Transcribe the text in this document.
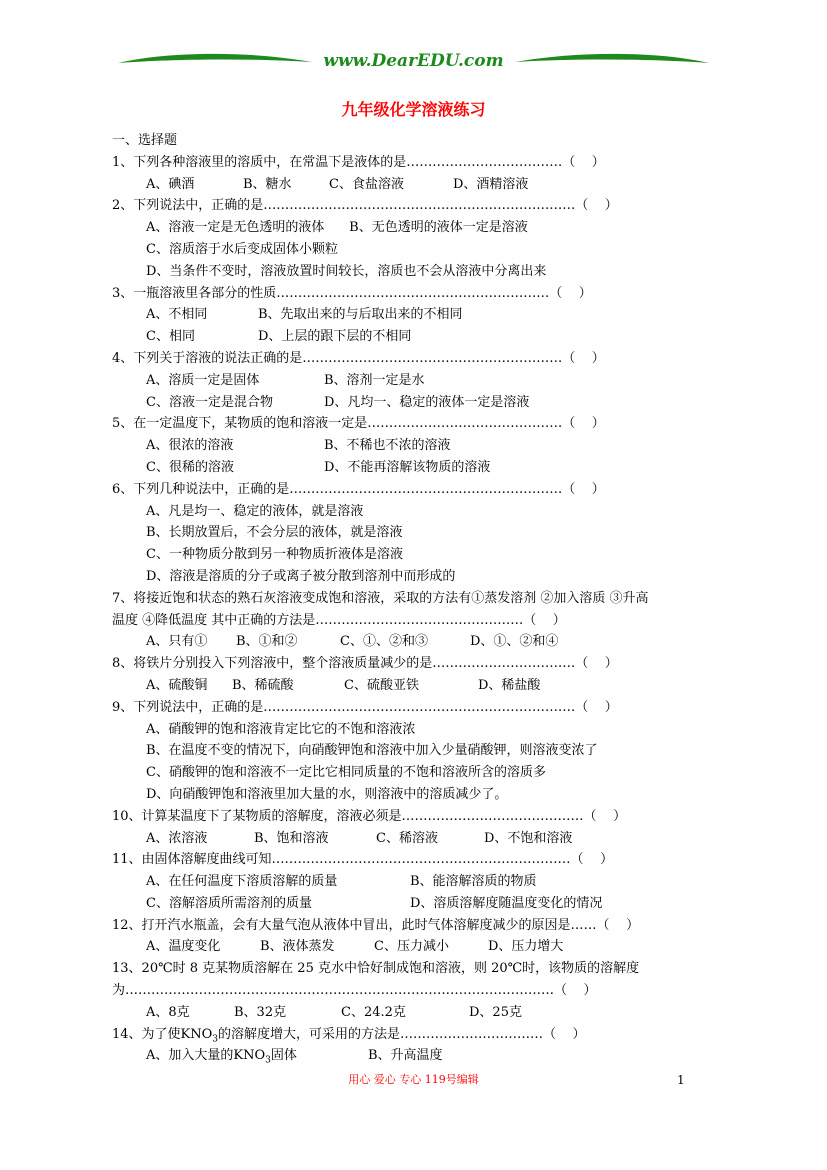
www.DearEDU.com
九年级化学溶液练习
一、选择题
1、下列各种溶液里的溶质中，在常温下是液体的是………………………………（    ）
A、碘酒	B、糖水	C、食盐溶液	D、酒精溶液
2、下列说法中，正确的是………………………………………………………………（    ）
A、溶液一定是无色透明的液体      B、无色透明的液体一定是溶液
C、溶质溶于水后变成固体小颗粒
D、当条件不变时，溶液放置时间较长，溶质也不会从溶液中分离出来
3、一瓶溶液里各部分的性质………………………………………………………（    ）
A、不相同	B、先取出来的与后取出来的不相同
C、相同	D、上层的跟下层的不相同
4、下列关于溶液的说法正确的是……………………………………………………（    ）
A、溶质一定是固体	B、溶剂一定是水
C、溶液一定是混合物	D、凡均一、稳定的液体一定是溶液
5、在一定温度下，某物质的饱和溶液一定是………………………………………（    ）
A、很浓的溶液	B、不稀也不浓的溶液
C、很稀的溶液	D、不能再溶解该物质的溶液
6、下列几种说法中，正确的是………………………………………………………（    ）
A、凡是均一、稳定的液体，就是溶液
B、长期放置后，不会分层的液体，就是溶液
C、一种物质分散到另一种物质折液体是溶液
D、溶液是溶质的分子或离子被分散到溶剂中而形成的
7、将接近饱和状态的熟石灰溶液变成饱和溶液，采取的方法有①蒸发溶剂 ②加入溶质 ③升高
温度 ④降低温度 其中正确的方法是…………………………………………（    ）
A、只有①	B、①和②	C、①、②和③	D、①、②和④
8、将铁片分别投入下列溶液中，整个溶液质量减少的是……………………………（    ）
A、硫酸铜	B、稀硫酸	C、硫酸亚铁	D、稀盐酸
9、下列说法中，正确的是………………………………………………………………（    ）
A、硝酸钾的饱和溶液肯定比它的不饱和溶液浓
B、在温度不变的情况下，向硝酸钾饱和溶液中加入少量硝酸钾，则溶液变浓了
C、硝酸钾的饱和溶液不一定比它相同质量的不饱和溶液所含的溶质多
D、向硝酸钾饱和溶液里加大量的水，则溶液中的溶质减少了。
10、计算某温度下了某物质的溶解度，溶液必须是……………………………………（    ）
A、浓溶液	B、饱和溶液	C、稀溶液	D、不饱和溶液
11、由固体溶解度曲线可知……………………………………………………………（    ）
A、在任何温度下溶质溶解的质量	B、能溶解溶质的物质
C、溶解溶质所需溶剂的质量	D、溶质溶解度随温度变化的情况
12、打开汽水瓶盖，会有大量气泡从液体中冒出，此时气体溶解度减少的原因是……（    ）
A、温度变化	B、液体蒸发	C、压力减小	D、压力增大
13、20℃时 8 克某物质溶解在 25 克水中恰好制成饱和溶液，则 20℃时，该物质的溶解度
为………………………………………………………………………………………（    ）
A、8克	B、32克	C、24.2克	D、25克
14、为了使$KNO_3$的溶解度增大，可采用的方法是……………………………（    ）
A、加入大量的$KNO_3$固体	B、升高温度
用心 爱心 专心 119号编辑	1
